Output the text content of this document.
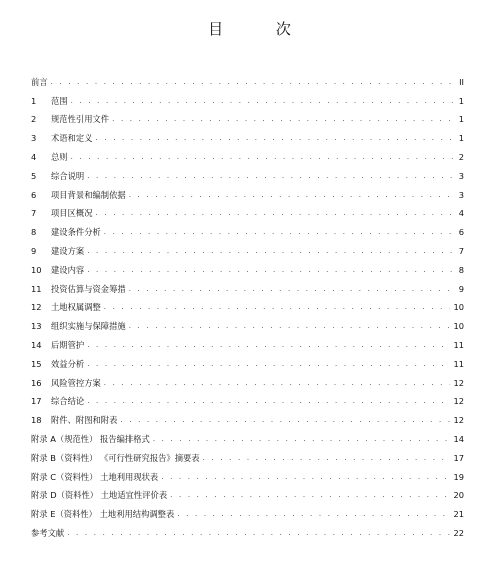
目 次
前言 . . .	II
1	范围 . . .	1
2	规范性引用文件 . . .	1
3	术语和定义 . . .	1
4	总则 . . .	2
5	综合说明 . . .	3
6	项目背景和编制依据 . . .	3
7	项目区概况 . . .	4
8	建设条件分析 . . .	6
9	建设方案 . . .	7
10	建设内容 . . .	8
11	投资估算与资金筹措 . . .	9
12	土地权属调整 . . .	10
13	组织实施与保障措施 . . .	10
14	后期管护 . . .	11
15	效益分析 . . .	11
16	风险管控方案 . . .	12
17	综合结论 . . .	12
18	附件、附图和附表 . . .	12
附录 A（规范性） 报告编排格式 . . .	14
附录 B（资料性） 《可行性研究报告》摘要表 . . .	17
附录 C（资料性） 土地利用现状表 . . .	19
附录 D（资料性） 土地适宜性评价表 . . .	20
附录 E（资料性） 土地利用结构调整表 . . .	21
参考文献 . . .	22
